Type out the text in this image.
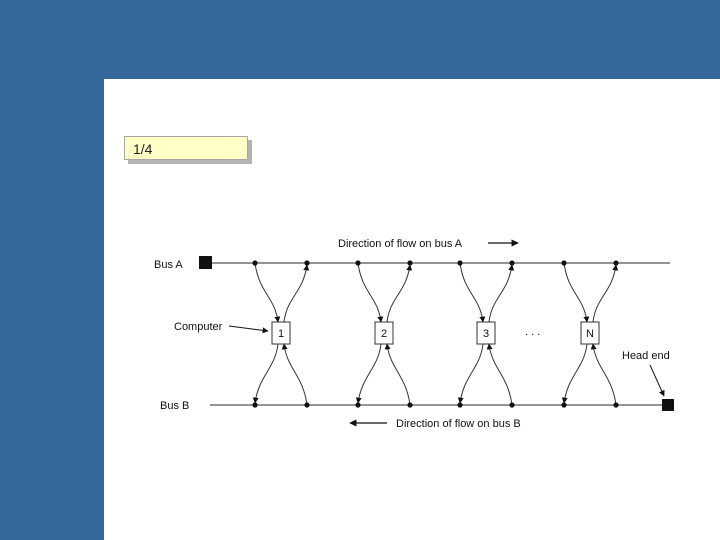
1/4
Bus A
Bus B
Direction of flow on bus A
Direction of flow on bus B
Computer
Head end
. . .
1	2	3	N
